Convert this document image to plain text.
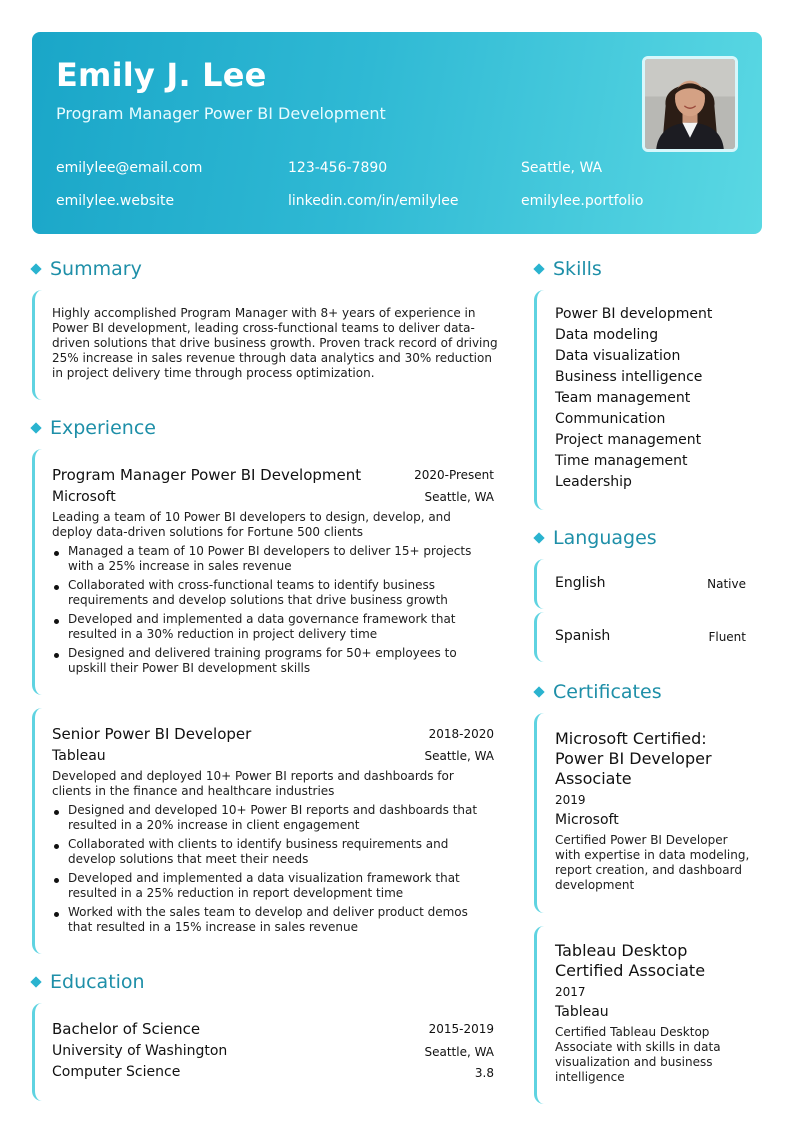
Emily J. Lee
Program Manager Power BI Development
emilylee@email.com	123-456-7890	Seattle, WA
emilylee.website	linkedin.com/in/emilylee	emilylee.portfolio
Summary
Highly accomplished Program Manager with 8+ years of experience in Power BI development, leading cross-functional teams to deliver data-driven solutions that drive business growth. Proven track record of driving 25% increase in sales revenue through data analytics and 30% reduction in project delivery time through process optimization.
Experience
Program Manager Power BI Development	2020-Present
Microsoft	Seattle, WA
Leading a team of 10 Power BI developers to design, develop, and deploy data-driven solutions for Fortune 500 clients
Managed a team of 10 Power BI developers to deliver 15+ projects with a 25% increase in sales revenue
Collaborated with cross-functional teams to identify business requirements and develop solutions that drive business growth
Developed and implemented a data governance framework that resulted in a 30% reduction in project delivery time
Designed and delivered training programs for 50+ employees to upskill their Power BI development skills
Senior Power BI Developer	2018-2020
Tableau	Seattle, WA
Developed and deployed 10+ Power BI reports and dashboards for clients in the finance and healthcare industries
Designed and developed 10+ Power BI reports and dashboards that resulted in a 20% increase in client engagement
Collaborated with clients to identify business requirements and develop solutions that meet their needs
Developed and implemented a data visualization framework that resulted in a 25% reduction in report development time
Worked with the sales team to develop and deliver product demos that resulted in a 15% increase in sales revenue
Education
Bachelor of Science	2015-2019
University of Washington	Seattle, WA
Computer Science	3.8
Skills
Power BI development
Data modeling
Data visualization
Business intelligence
Team management
Communication
Project management
Time management
Leadership
Languages
English	Native
Spanish	Fluent
Certificates
Microsoft Certified: Power BI Developer Associate
2019
Microsoft
Certified Power BI Developer with expertise in data modeling, report creation, and dashboard development
Tableau Desktop Certified Associate
2017
Tableau
Certified Tableau Desktop Associate with skills in data visualization and business intelligence
